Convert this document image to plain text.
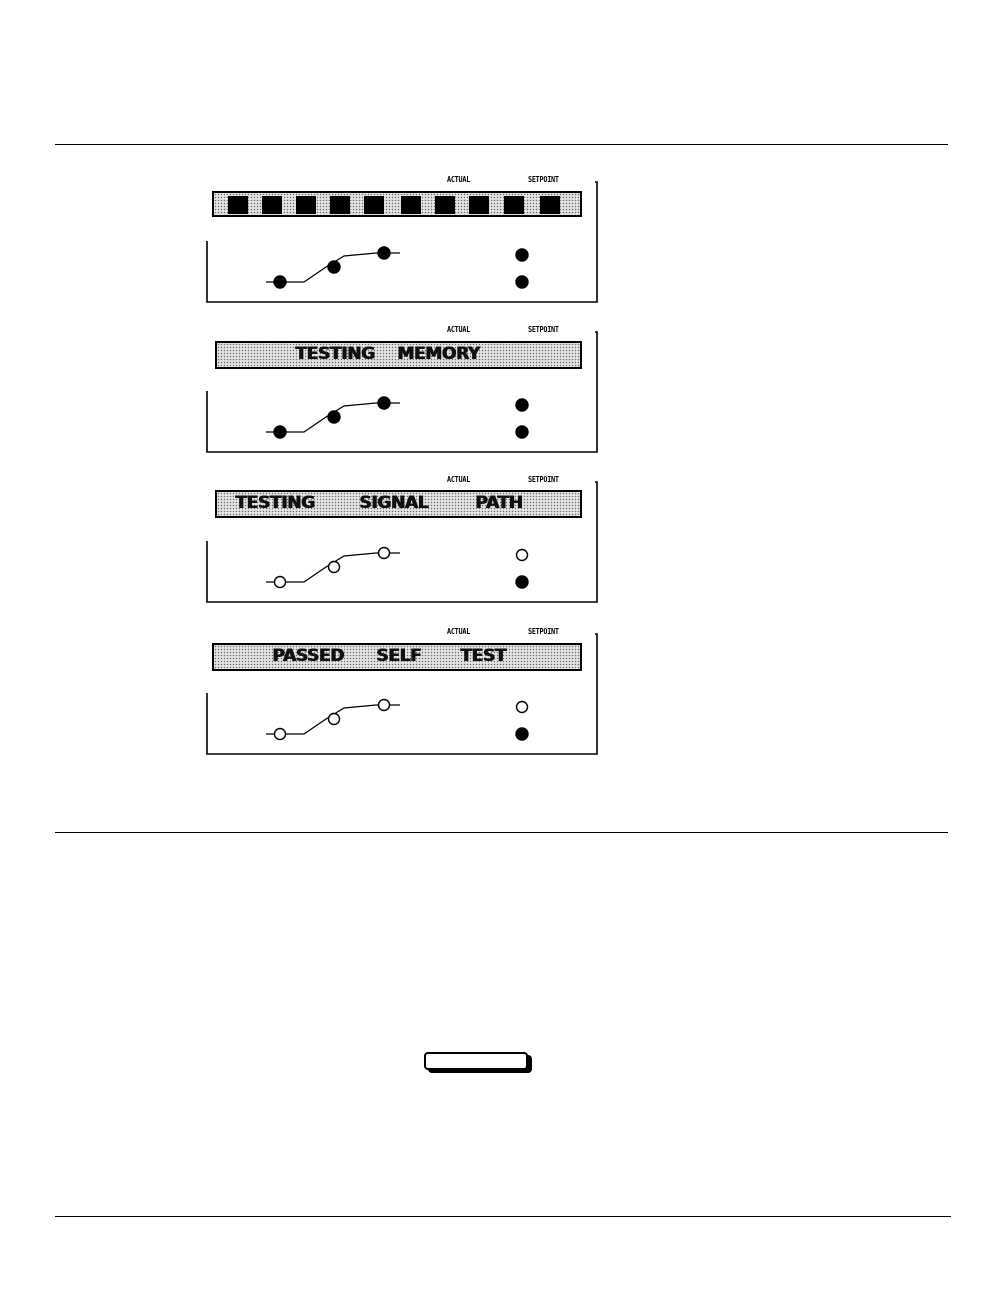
ACTUAL	SETPOINT
ACTUAL	SETPOINT
TESTING MEMORY
ACTUAL	SETPOINT
TESTING	SIGNAL	PATH
ACTUAL	SETPOINT
PASSED SELF TEST
